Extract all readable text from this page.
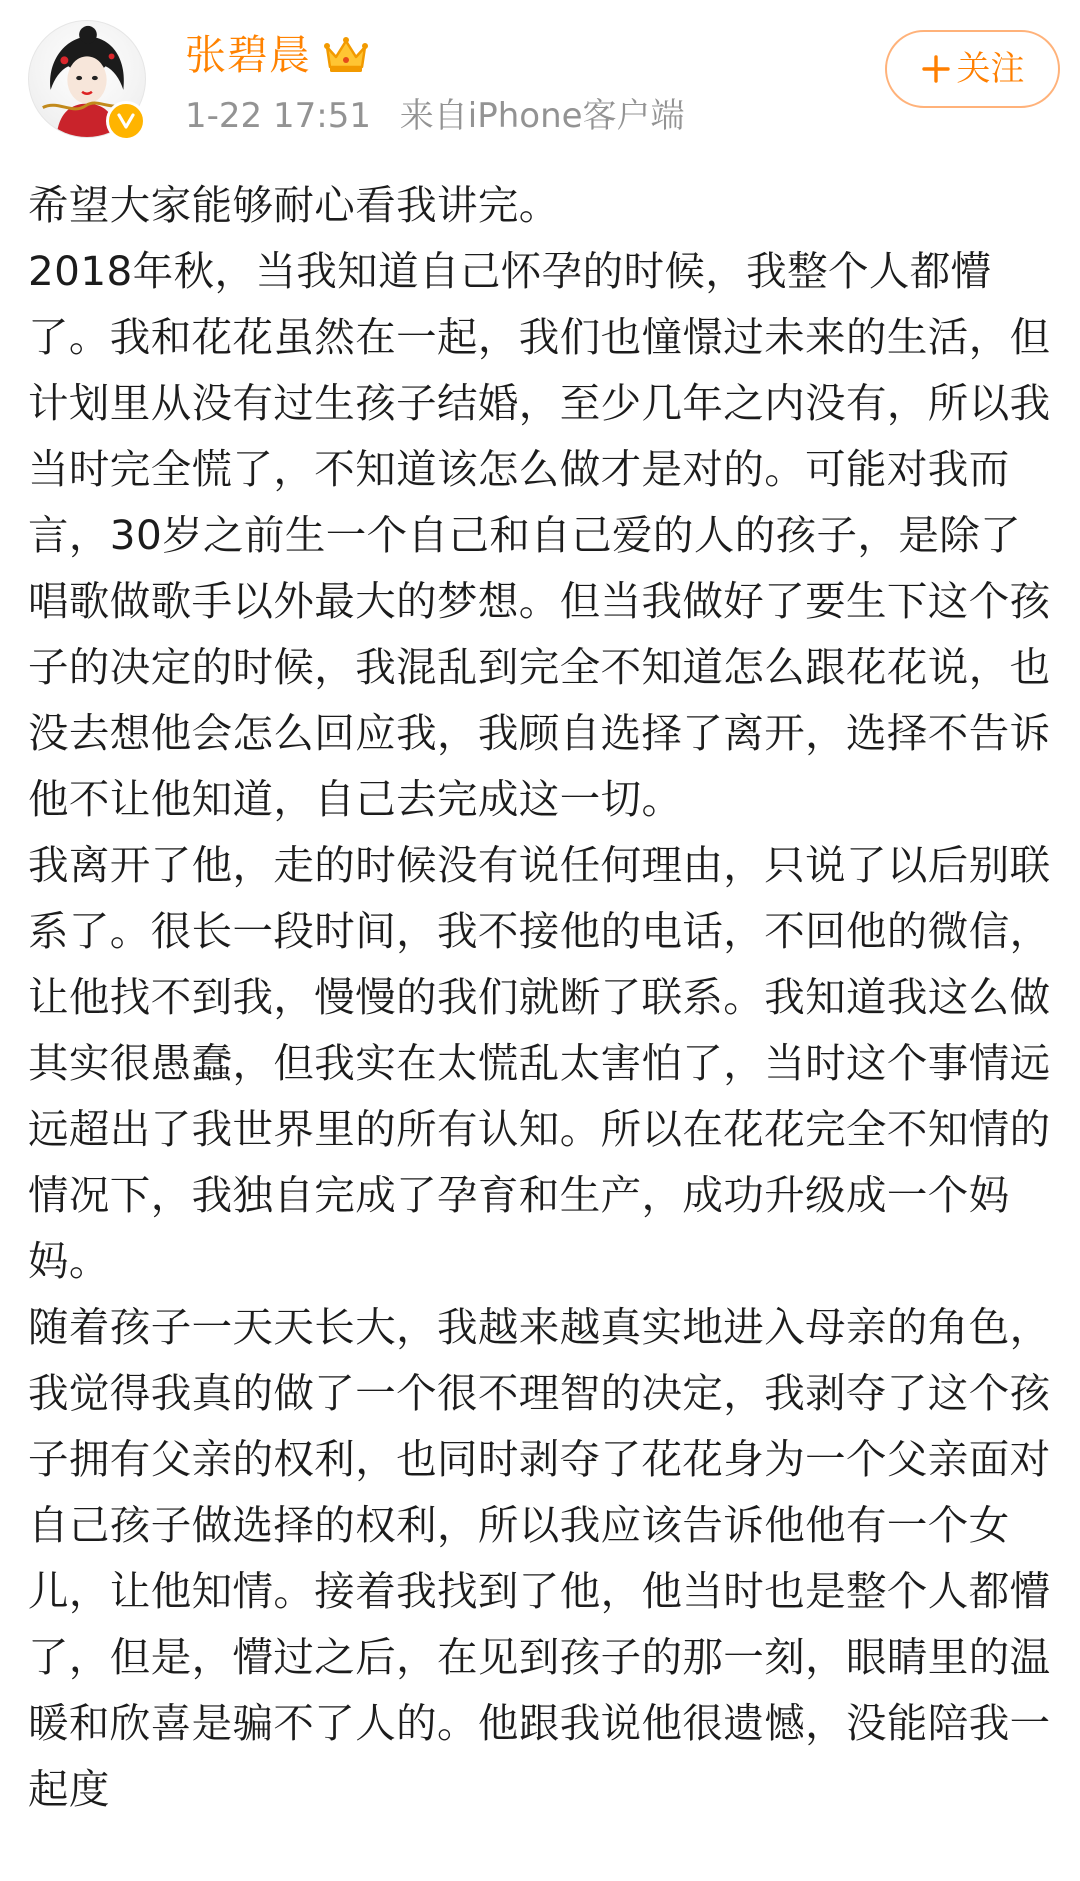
张碧晨
1-22 17:51 来自iPhone客户端
关注

希望大家能够耐心看我讲完。

2018年秋，当我知道自己怀孕的时候，我整个人都懵了。我和花花虽然在一起，我们也憧憬过未来的生活，但计划里从没有过生孩子结婚，至少几年之内没有，所以我当时完全慌了，不知道该怎么做才是对的。可能对我而言，30岁之前生一个自己和自己爱的人的孩子，是除了唱歌做歌手以外最大的梦想。但当我做好了要生下这个孩子的决定的时候，我混乱到完全不知道怎么跟花花说，也没去想他会怎么回应我，我顾自选择了离开，选择不告诉他不让他知道，自己去完成这一切。

我离开了他，走的时候没有说任何理由，只说了以后别联系了。很长一段时间，我不接他的电话，不回他的微信，让他找不到我，慢慢的我们就断了联系。我知道我这么做其实很愚蠢，但我实在太慌乱太害怕了，当时这个事情远远超出了我世界里的所有认知。所以在花花完全不知情的情况下，我独自完成了孕育和生产，成功升级成一个妈妈。

随着孩子一天天长大，我越来越真实地进入母亲的角色，我觉得我真的做了一个很不理智的决定，我剥夺了这个孩子拥有父亲的权利，也同时剥夺了花花身为一个父亲面对自己孩子做选择的权利，所以我应该告诉他他有一个女儿，让他知情。接着我找到了他，他当时也是整个人都懵了，但是，懵过之后，在见到孩子的那一刻，眼睛里的温暖和欣喜是骗不了人的。他跟我说他很遗憾，没能陪我一起度
